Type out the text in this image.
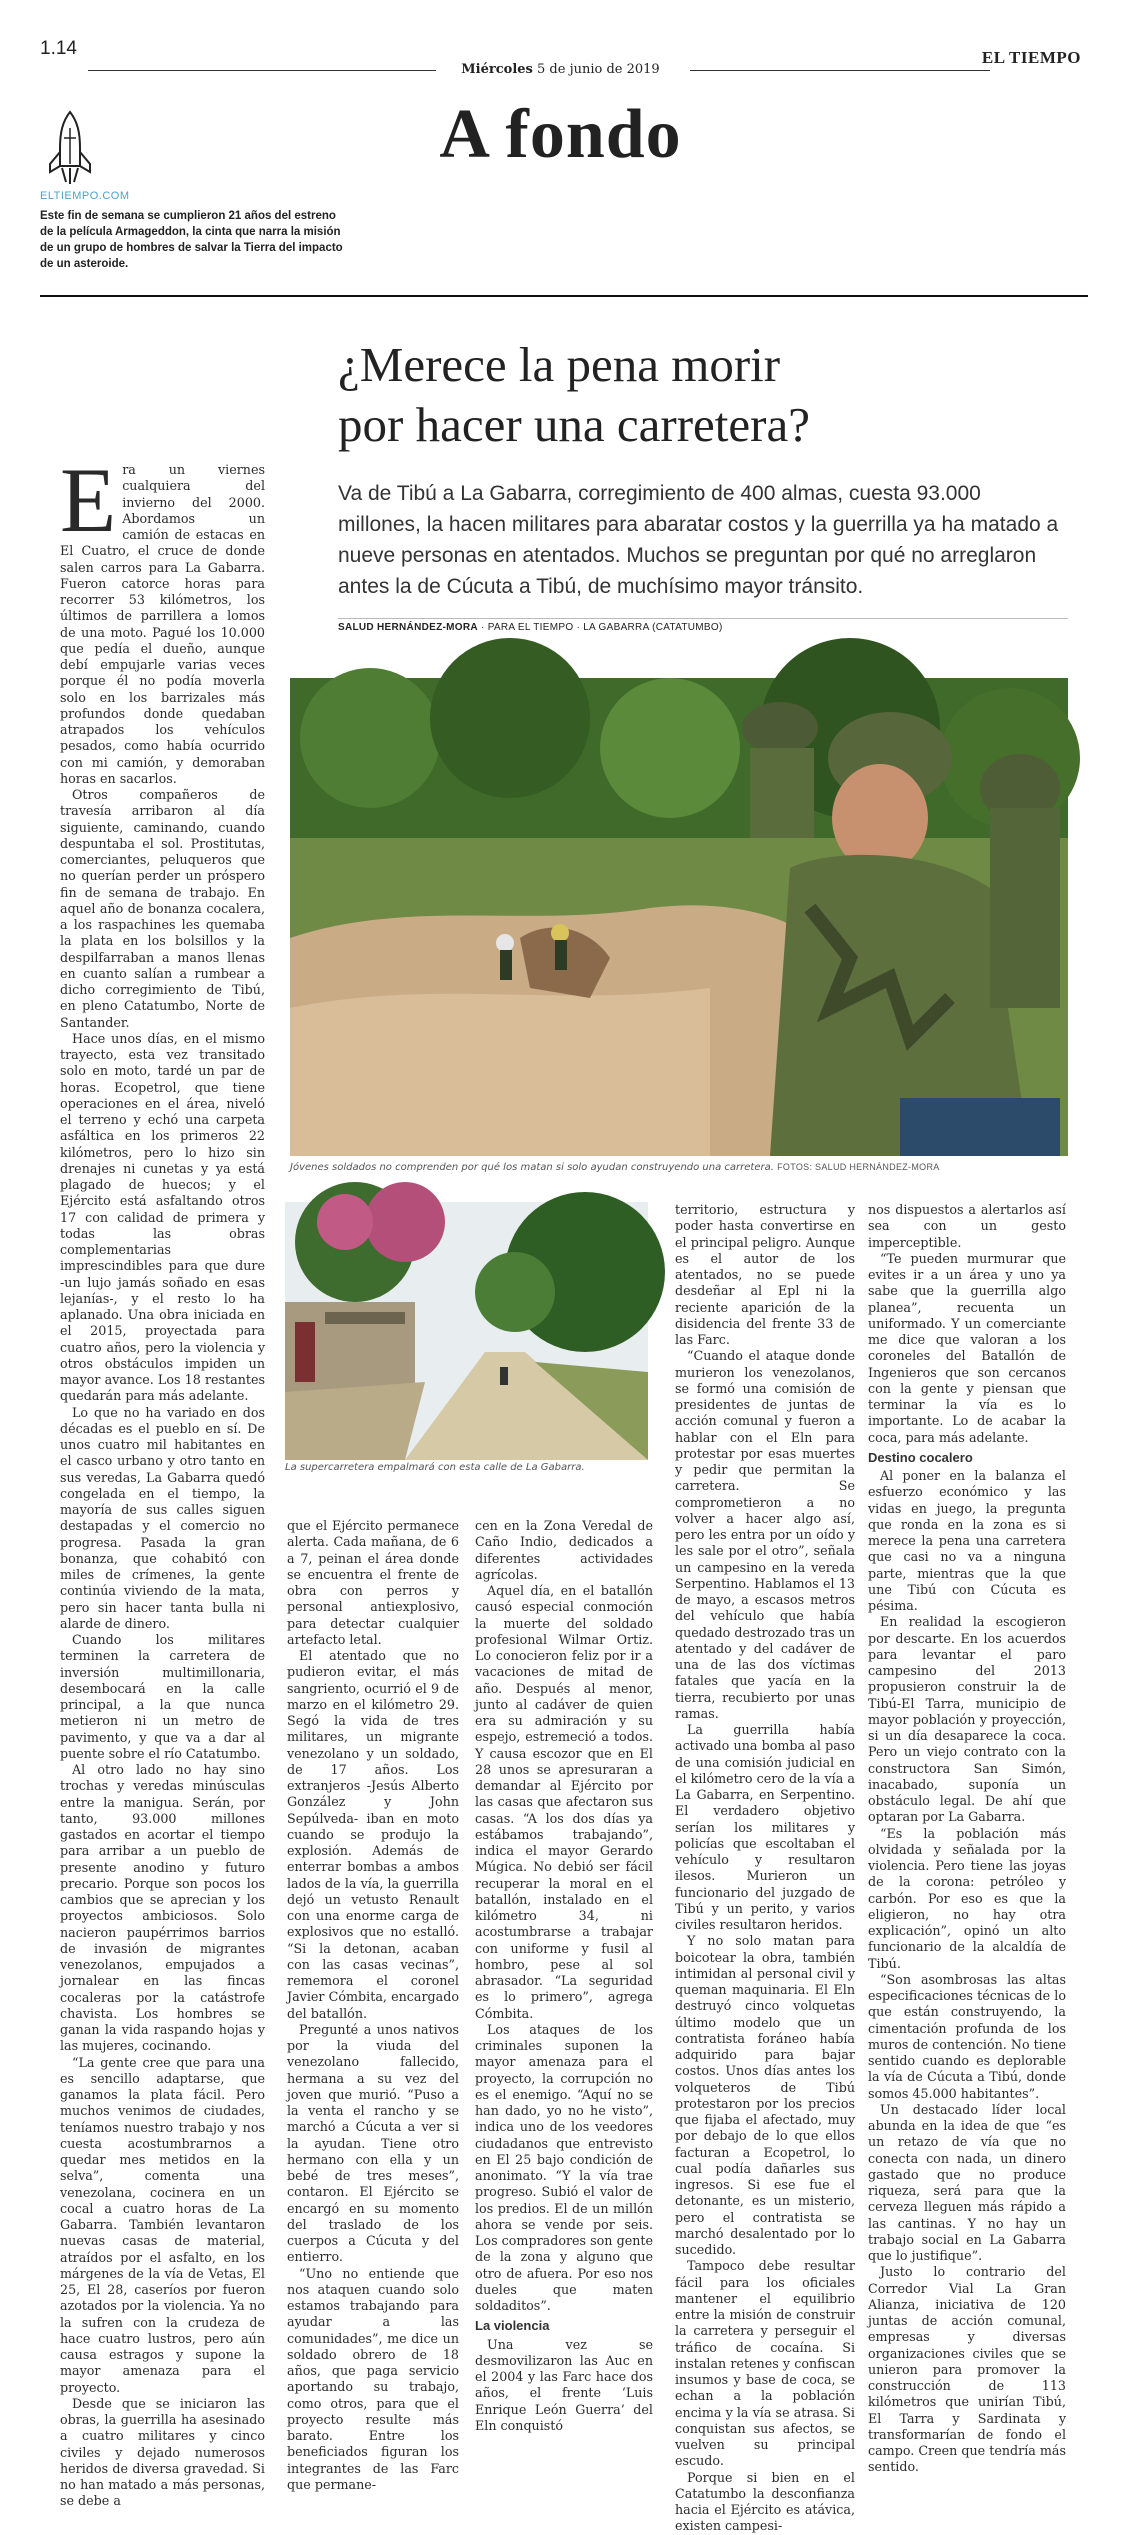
1.14
Miércoles 5 de junio de 2019
EL TIEMPO
A fondo
ELTIEMPO.COM
Este fin de semana se cumplieron 21 años del estreno de la película Armageddon, la cinta que narra la misión de un grupo de hombres de salvar la Tierra del impacto de un asteroide.
¿Merece la pena morir
por hacer una carretera?
Va de Tibú a La Gabarra, corregimiento de 400 almas, cuesta 93.000 millones, la hacen militares para abaratar costos y la guerrilla ya ha matado a nueve personas en atentados. Muchos se preguntan por qué no arreglaron antes la de Cúcuta a Tibú, de muchísimo mayor tránsito.
SALUD HERNÁNDEZ-MORA · PARA EL TIEMPO · LA GABARRA (CATATUMBO)

Era un viernes cualquiera del invierno del 2000. Abordamos un camión de estacas en El Cuatro, el cruce de donde salen carros para La Gabarra. Fueron catorce horas para recorrer 53 kilómetros, los últimos de parrillera a lomos de una moto. Pagué los 10.000 que pedía el dueño, aunque debí empujarle varias veces porque él no podía moverla solo en los barrizales más profundos donde quedaban atrapados los vehículos pesados, como había ocurrido con mi camión, y demoraban horas en sacarlos.

Otros compañeros de travesía arribaron al día siguiente, caminando, cuando despuntaba el sol. Prostitutas, comerciantes, peluqueros que no querían perder un próspero fin de semana de trabajo. En aquel año de bonanza cocalera, a los raspachines les quemaba la plata en los bolsillos y la despilfarraban a manos llenas en cuanto salían a rumbear a dicho corregimiento de Tibú, en pleno Catatumbo, Norte de Santander.

Hace unos días, en el mismo trayecto, esta vez transitado solo en moto, tardé un par de horas. Ecopetrol, que tiene operaciones en el área, niveló el terreno y echó una carpeta asfáltica en los primeros 22 kilómetros, pero lo hizo sin drenajes ni cunetas y ya está plagado de huecos; y el Ejército está asfaltando otros 17 con calidad de primera y todas las obras complementarias imprescindibles para que dure -un lujo jamás soñado en esas lejanías-, y el resto lo ha aplanado. Una obra iniciada en el 2015, proyectada para cuatro años, pero la violencia y otros obstáculos impiden un mayor avance. Los 18 restantes quedarán para más adelante.

Lo que no ha variado en dos décadas es el pueblo en sí. De unos cuatro mil habitantes en el casco urbano y otro tanto en sus veredas, La Gabarra quedó congelada en el tiempo, la mayoría de sus calles siguen destapadas y el comercio no progresa. Pasada la gran bonanza, que cohabitó con miles de crímenes, la gente continúa viviendo de la mata, pero sin hacer tanta bulla ni alarde de dinero.

Cuando los militares terminen la carretera de inversión multimillonaria, desembocará en la calle principal, a la que nunca metieron ni un metro de pavimento, y que va a dar al puente sobre el río Catatumbo.

Al otro lado no hay sino trochas y veredas minúsculas entre la manigua. Serán, por tanto, 93.000 millones gastados en acortar el tiempo para arribar a un pueblo de presente anodino y futuro precario. Porque son pocos los cambios que se aprecian y los proyectos ambiciosos. Solo nacieron paupérrimos barrios de invasión de migrantes venezolanos, empujados a jornalear en las fincas cocaleras por la catástrofe chavista. Los hombres se ganan la vida raspando hojas y las mujeres, cocinando.

“La gente cree que para una es sencillo adaptarse, que ganamos la plata fácil. Pero muchos venimos de ciudades, teníamos nuestro trabajo y nos cuesta acostumbrarnos a quedar mes metidos en la selva”, comenta una venezolana, cocinera en un cocal a cuatro horas de La Gabarra. También levantaron nuevas casas de material, atraídos por el asfalto, en los márgenes de la vía de Vetas, El 25, El 28, caseríos por fueron azotados por la violencia. Ya no la sufren con la crudeza de hace cuatro lustros, pero aún causa estragos y supone la mayor amenaza para el proyecto.

Desde que se iniciaron las obras, la guerrilla ha asesinado a cuatro militares y cinco civiles y dejado numerosos heridos de diversa gravedad. Si no han matado a más personas, se debe a

que el Ejército permanece alerta. Cada mañana, de 6 a 7, peinan el área donde se encuentra el frente de obra con perros y personal antiexplosivo, para detectar cualquier artefacto letal.

El atentado que no pudieron evitar, el más sangriento, ocurrió el 9 de marzo en el kilómetro 29. Segó la vida de tres militares, un migrante venezolano y un soldado, de 17 años. Los extranjeros -Jesús Alberto González y John Sepúlveda- iban en moto cuando se produjo la explosión. Además de enterrar bombas a ambos lados de la vía, la guerrilla dejó un vetusto Renault con una enorme carga de explosivos que no estalló. “Si la detonan, acaban con las casas vecinas”, rememora el coronel Javier Cómbita, encargado del batallón.

Pregunté a unos nativos por la viuda del venezolano fallecido, hermana a su vez del joven que murió. “Puso a la venta el rancho y se marchó a Cúcuta a ver si la ayudan. Tiene otro hermano con ella y un bebé de tres meses”, contaron. El Ejército se encargó en su momento del traslado de los cuerpos a Cúcuta y del entierro.

“Uno no entiende que nos ataquen cuando solo estamos trabajando para ayudar a las comunidades”, me dice un soldado obrero de 18 años, que paga servicio aportando su trabajo, como otros, para que el proyecto resulte más barato. Entre los beneficiados figuran los integrantes de las Farc que permane-

cen en la Zona Veredal de Caño Indio, dedicados a diferentes actividades agrícolas.

Aquel día, en el batallón causó especial conmoción la muerte del soldado profesional Wilmar Ortiz. Lo conocieron feliz por ir a vacaciones de mitad de año. Después al menor, junto al cadáver de quien era su admiración y su espejo, estremeció a todos. Y causa escozor que en El 28 unos se apresuraran a demandar al Ejército por las casas que afectaron sus casas. “A los dos días ya estábamos trabajando”, indica el mayor Gerardo Múgica. No debió ser fácil recuperar la moral en el batallón, instalado en el kilómetro 34, ni acostumbrarse a trabajar con uniforme y fusil al hombro, pese al sol abrasador. “La seguridad es lo primero”, agrega Cómbita.

Los ataques de los criminales suponen la mayor amenaza para el proyecto, la corrupción no es el enemigo. “Aquí no se han dado, yo no he visto”, indica uno de los veedores ciudadanos que entrevisto en El 25 bajo condición de anonimato. “Y la vía trae progreso. Subió el valor de los predios. El de un millón ahora se vende por seis. Los compradores son gente de la zona y alguno que otro de afuera. Por eso nos dueles que maten soldaditos”.

La violencia

Una vez se desmovilizaron las Auc en el 2004 y las Farc hace dos años, el frente ‘Luis Enrique León Guerra’ del Eln conquistó

territorio, estructura y poder hasta convertirse en el principal peligro. Aunque es el autor de los atentados, no se puede desdeñar al Epl ni la reciente aparición de la disidencia del frente 33 de las Farc.

“Cuando el ataque donde murieron los venezolanos, se formó una comisión de presidentes de juntas de acción comunal y fueron a hablar con el Eln para protestar por esas muertes y pedir que permitan la carretera. Se comprometieron a no volver a hacer algo así, pero les entra por un oído y les sale por el otro”, señala un campesino en la vereda Serpentino. Hablamos el 13 de mayo, a escasos metros del vehículo que había quedado destrozado tras un atentado y del cadáver de una de las dos víctimas fatales que yacía en la tierra, recubierto por unas ramas.

La guerrilla había activado una bomba al paso de una comisión judicial en el kilómetro cero de la vía a La Gabarra, en Serpentino. El verdadero objetivo serían los militares y policías que escoltaban el vehículo y resultaron ilesos. Murieron un funcionario del juzgado de Tibú y un perito, y varios civiles resultaron heridos.

Y no solo matan para boicotear la obra, también intimidan al personal civil y queman maquinaria. El Eln destruyó cinco volquetas último modelo que un contratista foráneo había adquirido para bajar costos. Unos días antes los volqueteros de Tibú protestaron por los precios que fijaba el afectado, muy por debajo de lo que ellos facturan a Ecopetrol, lo cual podía dañarles sus ingresos. Si ese fue el detonante, es un misterio, pero el contratista se marchó desalentado por lo sucedido.

Tampoco debe resultar fácil para los oficiales mantener el equilibrio entre la misión de construir la carretera y perseguir el tráfico de cocaína. Si instalan retenes y confiscan insumos y base de coca, se echan a la población encima y la vía se atrasa. Si conquistan sus afectos, se vuelven su principal escudo.

Porque si bien en el Catatumbo la desconfianza hacia el Ejército es atávica, existen campesi-

nos dispuestos a alertarlos así sea con un gesto imperceptible.

“Te pueden murmurar que evites ir a un área y uno ya sabe que la guerrilla algo planea”, recuenta un uniformado. Y un comerciante me dice que valoran a los coroneles del Batallón de Ingenieros que son cercanos con la gente y piensan que terminar la vía es lo importante. Lo de acabar la coca, para más adelante.

Destino cocalero

Al poner en la balanza el esfuerzo económico y las vidas en juego, la pregunta que ronda en la zona es si merece la pena una carretera que casi no va a ninguna parte, mientras que la que une Tibú con Cúcuta es pésima.

En realidad la escogieron por descarte. En los acuerdos para levantar el paro campesino del 2013 propusieron construir la de Tibú-El Tarra, municipio de mayor población y proyección, si un día desaparece la coca. Pero un viejo contrato con la constructora San Simón, inacabado, suponía un obstáculo legal. De ahí que optaran por La Gabarra.

“Es la población más olvidada y señalada por la violencia. Pero tiene las joyas de la corona: petróleo y carbón. Por eso es que la eligieron, no hay otra explicación”, opinó un alto funcionario de la alcaldía de Tibú.

“Son asombrosas las altas especificaciones técnicas de lo que están construyendo, la cimentación profunda de los muros de contención. No tiene sentido cuando es deplorable la vía de Cúcuta a Tibú, donde somos 45.000 habitantes”.

Un destacado líder local abunda en la idea de que “es un retazo de vía que no conecta con nada, un dinero gastado que no produce riqueza, será para que la cerveza lleguen más rápido a las cantinas. Y no hay un trabajo social en La Gabarra que lo justifique”.

Justo lo contrario del Corredor Vial La Gran Alianza, iniciativa de 120 juntas de acción comunal, empresas y diversas organizaciones civiles que se unieron para promover la construcción de 113 kilómetros que unirían Tibú, El Tarra y Sardinata y transformarían de fondo el campo. Creen que tendría más sentido.

Jóvenes soldados no comprenden por qué los matan si solo ayudan construyendo una carretera. FOTOS: SALUD HERNÁNDEZ-MORA
La supercarretera empalmará con esta calle de La Gabarra.
